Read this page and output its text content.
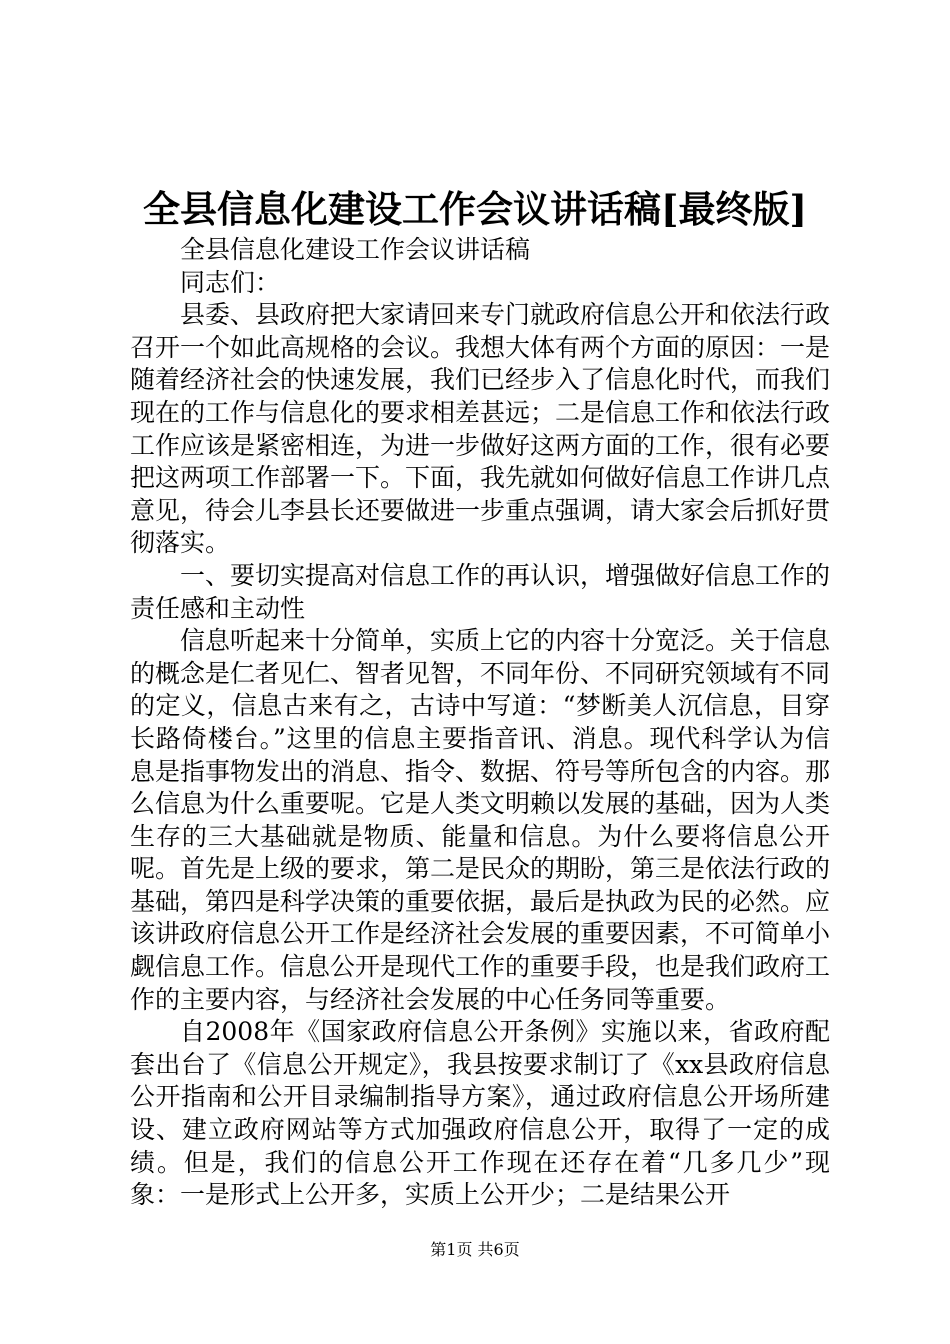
全县信息化建设工作会议讲话稿[最终版]

全县信息化建设工作会议讲话稿

同志们：

县委、县政府把大家请回来专门就政府信息公开和依法行政召开一个如此高规格的会议。我想大体有两个方面的原因：一是随着经济社会的快速发展，我们已经步入了信息化时代，而我们现在的工作与信息化的要求相差甚远；二是信息工作和依法行政工作应该是紧密相连，为进一步做好这两方面的工作，很有必要把这两项工作部署一下。下面，我先就如何做好信息工作讲几点意见，待会儿李县长还要做进一步重点强调，请大家会后抓好贯彻落实。

一、要切实提高对信息工作的再认识，增强做好信息工作的责任感和主动性

信息听起来十分简单，实质上它的内容十分宽泛。关于信息的概念是仁者见仁、智者见智，不同年份、不同研究领域有不同的定义，信息古来有之，古诗中写道：“梦断美人沉信息，目穿长路倚楼台。”这里的信息主要指音讯、消息。现代科学认为信息是指事物发出的消息、指令、数据、符号等所包含的内容。那么信息为什么重要呢。它是人类文明赖以发展的基础，因为人类生存的三大基础就是物质、能量和信息。为什么要将信息公开呢。首先是上级的要求，第二是民众的期盼，第三是依法行政的基础，第四是科学决策的重要依据，最后是执政为民的必然。应该讲政府信息公开工作是经济社会发展的重要因素，不可简单小觑信息工作。信息公开是现代工作的重要手段，也是我们政府工作的主要内容，与经济社会发展的中心任务同等重要。

自2008年《国家政府信息公开条例》实施以来，省政府配套出台了《信息公开规定》，我县按要求制订了《xx县政府信息公开指南和公开目录编制指导方案》，通过政府信息公开场所建设、建立政府网站等方式加强政府信息公开，取得了一定的成绩。但是，我们的信息公开工作现在还存在着“几多几少”现象：一是形式上公开多，实质上公开少；二是结果公开

第1页 共6页
